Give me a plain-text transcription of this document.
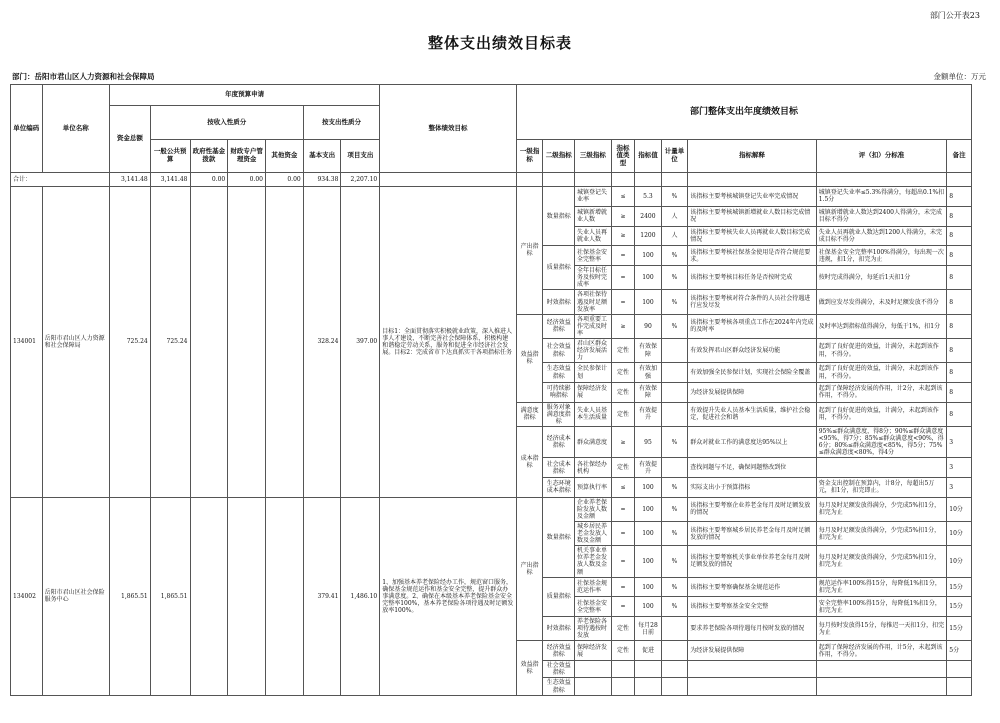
部门公开表23
整体支出绩效目标表
部门：岳阳市君山区人力资源和社会保障局	金额单位：万元
单位编码	单位名称	年度预算申请							整体绩效目标	部门整体支出年度绩效目标								
		资金总额	按收入性质分				按支出性质分											
			一般公共预算	政府性基金拨款	财政专户管理资金	其他资金	基本支出	项目支出		一级指标	二级指标	三级指标	指标值类型	指标值	计量单位	指标解释	评（扣）分标准	备注
合计：		3,141.48	3,141.48	0.00	0.00	0.00	934.38	2,207.10										
134001	岳阳市君山区人力资源和社会保障局	725.24	725.24				328.24	397.00	目标1：全面贯彻落实积极就业政策，深入推进人事人才建设，不断完善社会保障体系，积极构建和谐稳定劳动关系，服务和促进全市经济社会发展。目标2：完成省市下达真抓实干各项指标任务	产出指标	数量指标	城镇登记失业率	≤	5.3	%	该指标主要考核城镇登记失业率完成情况	城镇登记失业率≤5.3%得满分，每超出0.1%扣1.5分	8
												城镇新增就业人数	≥	2400	人	该指标主要考核城镇新增就业人数目标完成情况	城镇新增就业人数达到2400人得满分，未完成目标不得分	8
												失业人员再就业人数	≥	1200	人	该指标主要考核失业人员再就业人数目标完成情况	失业人员再就业人数达到1200人得满分，未完成目标不得分	8
											质量指标	社保基金安全完整率	=	100	%	该指标主要考核社保基金使用是否符合规范要求。	社保基金安全完整率100%得满分，每出现一次违规，扣1分，扣完为止	8
												全年目标任务及按时完成率	=	100	%	该指标主要考核目标任务是否按时完成	按时完成得满分，每延后1天扣1分	8
											时效指标	各项社保待遇及时足额发放率	=	100	%	该指标主要考核对符合条件的人员社会待遇进行应发尽发	做到应发尽发得满分，未及时足额发放不得分	8
										效益指标	经济效益指标	各项重要工作完成及时率	≥	90	%	该指标主要考核各项重点工作在2024年内完成的及时率	及时率达到指标值得满分，每低于1%，扣1分	8
											社会效益指标	君山区群众经济发展活力	定性	有效保障		有效发挥君山区群众经济发展功能	起到了良好促进的效益，计满分，未起到该作用，不得分。	8
											生态效益指标	全民参保计划	定性	有效加强		有效加强全民参保计划，实现社会保险全覆盖	起到了良好促进的效益，计满分，未起到该作用，不得分。	8
											可持续影响指标	保障经济发展	定性	有效保障		为经济发展提供保障	起到了保障经济发展的作用，计2分，未起到该作用，不得分。	8
										满意度指标	服务对象满意度指标	失业人员基本生活质量	定性	有效提升		有效提升失业人员基本生活质量，维护社会稳定，促进社会和谐	起到了良好促进的效益，计满分，未起到该作用，不得分。	8
										成本指标	经济成本指标	群众满意度	≥	95	%	群众对就业工作的满意度达95%以上	95%≤群众满意度，得8分；90%≤群众满意度<95%，得7分；85%≤群众满意度<90%，得6分；80%≤群众满意度<85%，得5分；75%≤群众满意度<80%，得4分	3
											社会成本指标	各社保经办机构	定性	有效提升		查找问题与不足，确保问题整改到位		3
											生态环境成本指标	预算执行率	≤	100	%	实际支出小于预算指标	资金支出控制在预算内，计8分，每超出5万元，扣1分，扣完即止。	3
134002	岳阳市君山区社会保险服务中心	1,865.51	1,865.51				379.41	1,486.10	1、加强基本养老保险经办工作，规范窗口服务，确保基金规范运作和基金安全完整，提升群众办事满意度。2、确保在本级基本养老保险基金安全完整率100%，基本养老保险各项待遇及时足额发放率100%。	产出指标	数量指标	企业养老保险发放人数及金额	=	100	%	该指标主要考察企业养老金每月及时足额发放的情况	每月及时足额发放得满分，少完成5%扣1分，扣完为止	10分
												城乡居民养老金发放人数及金额	=	100	%	该指标主要考察城乡居民养老金每月及时足额发放的情况	每月及时足额发放得满分，少完成5%扣1分，扣完为止	10分
												机关事业单位养老金发放人数及金额	=	100	%	该指标主要考察机关事业单位养老金每月及时足额发放的情况	每月及时足额发放得满分，少完成5%扣1分，扣完为止	10分
											质量指标	社保基金规范运作率	=	100	%	该指标主要考察确保基金规范运作	规范运作率100%得15分，每降低1%扣1分，扣完为止	15分
												社保基金安全完整率	=	100	%	该指标主要考察基金安全完整	安全完整率100%得15分，每降低1%扣1分，扣完为止	15分
											时效指标	养老保险各项待遇按时发放	定性	每月28日前		要求养老保险各项待遇每月按时发放的情况	每月按时发放得15分，每推迟一天扣1分，扣完为止	15分
										效益指标	经济效益指标	保障经济发展	定性	促进		为经济发展提供保障	起到了保障经济发展的作用，计5分，未起到该作用，不得分。	5分
											社会效益指标							
											生态效益指标							
